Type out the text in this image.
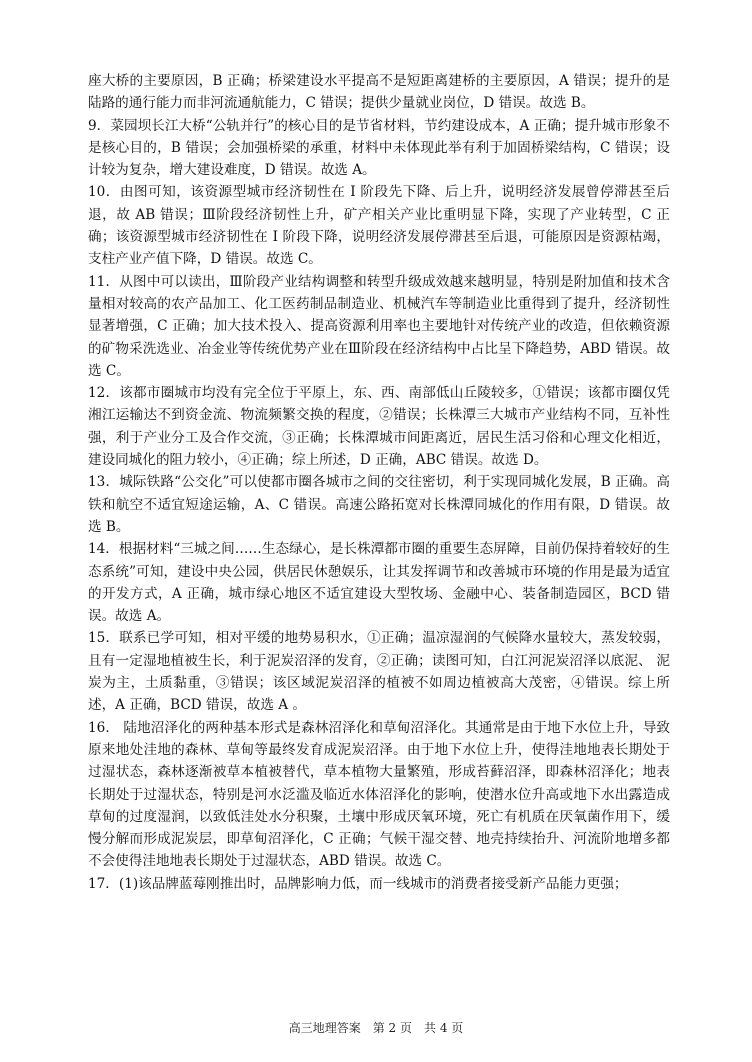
座大桥的主要原因，B 正确；桥梁建设水平提高不是短距离建桥的主要原因，A 错误；提升的是陆路的通行能力而非河流通航能力，C 错误；提供少量就业岗位，D 错误。故选 B。

9．菜园坝长江大桥“公轨并行”的核心目的是节省材料，节约建设成本，A 正确；提升城市形象不是核心目的，B 错误；会加强桥梁的承重，材料中未体现此举有利于加固桥梁结构，C 错误；设计较为复杂，增大建设难度，D 错误。故选 A。

10．由图可知，该资源型城市经济韧性在 I 阶段先下降、后上升，说明经济发展曾停滞甚至后退，故 AB 错误；Ⅲ阶段经济韧性上升，矿产相关产业比重明显下降，实现了产业转型，C 正确；该资源型城市经济韧性在 I 阶段下降，说明经济发展停滞甚至后退，可能原因是资源枯竭，支柱产业产值下降，D 错误。故选 C。

11．从图中可以读出，Ⅲ阶段产业结构调整和转型升级成效越来越明显，特别是附加值和技术含量相对较高的农产品加工、化工医药制品制造业、机械汽车等制造业比重得到了提升，经济韧性显著增强，C 正确；加大技术投入、提高资源利用率也主要地针对传统产业的改造，但依赖资源的矿物采洗选业、冶金业等传统优势产业在Ⅲ阶段在经济结构中占比呈下降趋势，ABD 错误。故选 C。

12．该都市圈城市均没有完全位于平原上，东、西、南部低山丘陵较多，①错误；该都市圈仅凭湘江运输达不到资金流、物流频繁交换的程度，②错误；长株潭三大城市产业结构不同，互补性强，利于产业分工及合作交流，③正确；长株潭城市间距离近，居民生活习俗和心理文化相近，建设同城化的阻力较小，④正确；综上所述，D 正确，ABC 错误。故选 D。

13．城际铁路“公交化”可以使都市圈各城市之间的交往密切，利于实现同城化发展，B 正确。高铁和航空不适宜短途运输，A、C 错误。高速公路拓宽对长株潭同城化的作用有限，D 错误。故选 B。

14．根据材料“三城之间……生态绿心，是长株潭都市圈的重要生态屏障，目前仍保持着较好的生态系统”可知，建设中央公园，供居民休憩娱乐，让其发挥调节和改善城市环境的作用是最为适宜的开发方式，A 正确，城市绿心地区不适宜建设大型牧场、金融中心、装备制造园区，BCD 错误。故选 A。

15．联系已学可知，相对平缓的地势易积水，①正确；温凉湿润的气候降水量较大，蒸发较弱， 且有一定湿地植被生长，利于泥炭沼泽的发育，②正确；读图可知，白江河泥炭沼泽以底泥、 泥炭为主，土质黏重，③错误；该区域泥炭沼泽的植被不如周边植被高大茂密，④错误。综上所述，A 正确，BCD 错误，故选 A 。

16． 陆地沼泽化的两种基本形式是森林沼泽化和草甸沼泽化。其通常是由于地下水位上升，导致原来地处洼地的森林、草甸等最终发育成泥炭沼泽。由于地下水位上升，使得洼地地表长期处于过湿状态，森林逐渐被草本植被替代，草本植物大量繁殖，形成苔藓沼泽，即森林沼泽化；地表长期处于过湿状态，特别是河水泛滥及临近水体沼泽化的影响，使潜水位升高或地下水出露造成草甸的过度湿润，以致低洼处水分积聚，土壤中形成厌氧环境，死亡有机质在厌氧菌作用下，缓慢分解而形成泥炭层，即草甸沼泽化，C 正确；气候干湿交替、地壳持续抬升、河流阶地增多都不会使得洼地地表长期处于过湿状态，ABD 错误。故选 C。

17．(1)该品牌蓝莓刚推出时，品牌影响力低，而一线城市的消费者接受新产品能力更强；

高三地理答案　第 2 页　共 4 页
